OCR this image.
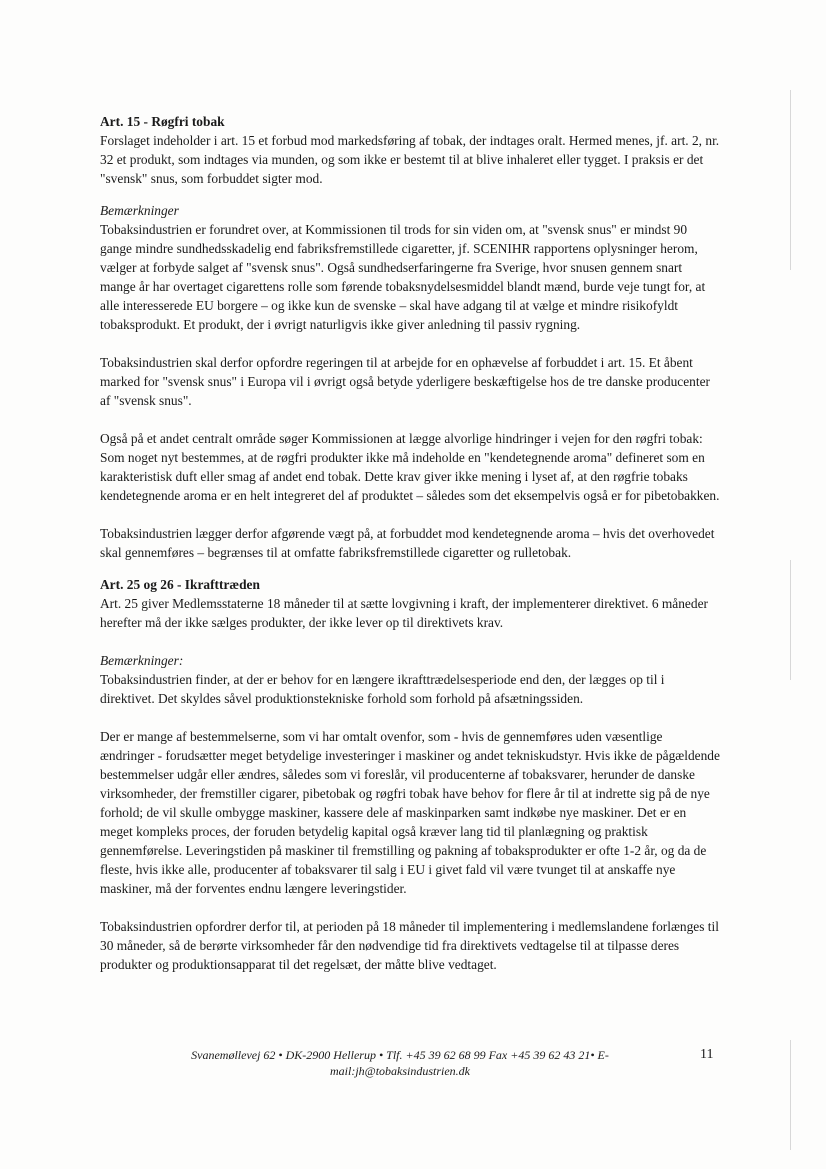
Art. 15 - Røgfri tobak

Forslaget indeholder i art. 15 et forbud mod markedsføring af tobak, der indtages oralt. Hermed menes, jf. art. 2, nr. 32 et produkt, som indtages via munden, og som ikke er bestemt til at blive inhaleret eller tygget. I praksis er det "svensk" snus, som forbuddet sigter mod.

Bemærkninger

Tobaksindustrien er forundret over, at Kommissionen til trods for sin viden om, at "svensk snus" er mindst 90 gange mindre sundhedsskadelig end fabriksfremstillede cigaretter, jf. SCENIHR rapportens oplysninger herom, vælger at forbyde salget af "svensk snus". Også sundhedserfaringerne fra Sverige, hvor snusen gennem snart mange år har overtaget cigarettens rolle som førende tobaksnydelsesmiddel blandt mænd, burde veje tungt for, at alle interesserede EU borgere – og ikke kun de svenske – skal have adgang til at vælge et mindre risikofyldt tobaksprodukt. Et produkt, der i øvrigt naturligvis ikke giver anledning til passiv rygning.

Tobaksindustrien skal derfor opfordre regeringen til at arbejde for en ophævelse af forbuddet i art. 15. Et åbent marked for "svensk snus" i Europa vil i øvrigt også betyde yderligere beskæftigelse hos de tre danske producenter af "svensk snus".

Også på et andet centralt område søger Kommissionen at lægge alvorlige hindringer i vejen for den røgfri tobak: Som noget nyt bestemmes, at de røgfri produkter ikke må indeholde en "kendetegnende aroma" defineret som en karakteristisk duft eller smag af andet end tobak. Dette krav giver ikke mening i lyset af, at den røgfrie tobaks kendetegnende aroma er en helt integreret del af produktet – således som det eksempelvis også er for pibetobakken.

Tobaksindustrien lægger derfor afgørende vægt på, at forbuddet mod kendetegnende aroma – hvis det overhovedet skal gennemføres – begrænses til at omfatte fabriksfremstillede cigaretter og rulletobak.

Art. 25 og 26 - Ikrafttræden

Art. 25 giver Medlemsstaterne 18 måneder til at sætte lovgivning i kraft, der implementerer direktivet. 6 måneder herefter må der ikke sælges produkter, der ikke lever op til direktivets krav.

Bemærkninger:

Tobaksindustrien finder, at der er behov for en længere ikrafttrædelsesperiode end den, der lægges op til i direktivet. Det skyldes såvel produktionstekniske forhold som forhold på afsætningssiden.

Der er mange af bestemmelserne, som vi har omtalt ovenfor, som - hvis de gennemføres uden væsentlige ændringer - forudsætter meget betydelige investeringer i maskiner og andet tekniskudstyr. Hvis ikke de pågældende bestemmelser udgår eller ændres, således som vi foreslår, vil producenterne af tobaksvarer, herunder de danske virksomheder, der fremstiller cigarer, pibetobak og røgfri tobak have behov for flere år til at indrette sig på de nye forhold; de vil skulle ombygge maskiner, kassere dele af maskinparken samt indkøbe nye maskiner. Det er en meget kompleks proces, der foruden betydelig kapital også kræver lang tid til planlægning og praktisk gennemførelse. Leveringstiden på maskiner til fremstilling og pakning af tobaksprodukter er ofte 1-2 år, og da de fleste, hvis ikke alle, producenter af tobaksvarer til salg i EU i givet fald vil være tvunget til at anskaffe nye maskiner, må der forventes endnu længere leveringstider.

Tobaksindustrien opfordrer derfor til, at perioden på 18 måneder til implementering i medlemslandene forlænges til 30 måneder, så de berørte virksomheder får den nødvendige tid fra direktivets vedtagelse til at tilpasse deres produkter og produktionsapparat til det regelsæt, der måtte blive vedtaget.

Svanemøllevej 62 • DK-2900 Hellerup • Tlf. +45 39 62 68 99 Fax +45 39 62 43 21• E-mail:jh@tobaksindustrien.dk
11
